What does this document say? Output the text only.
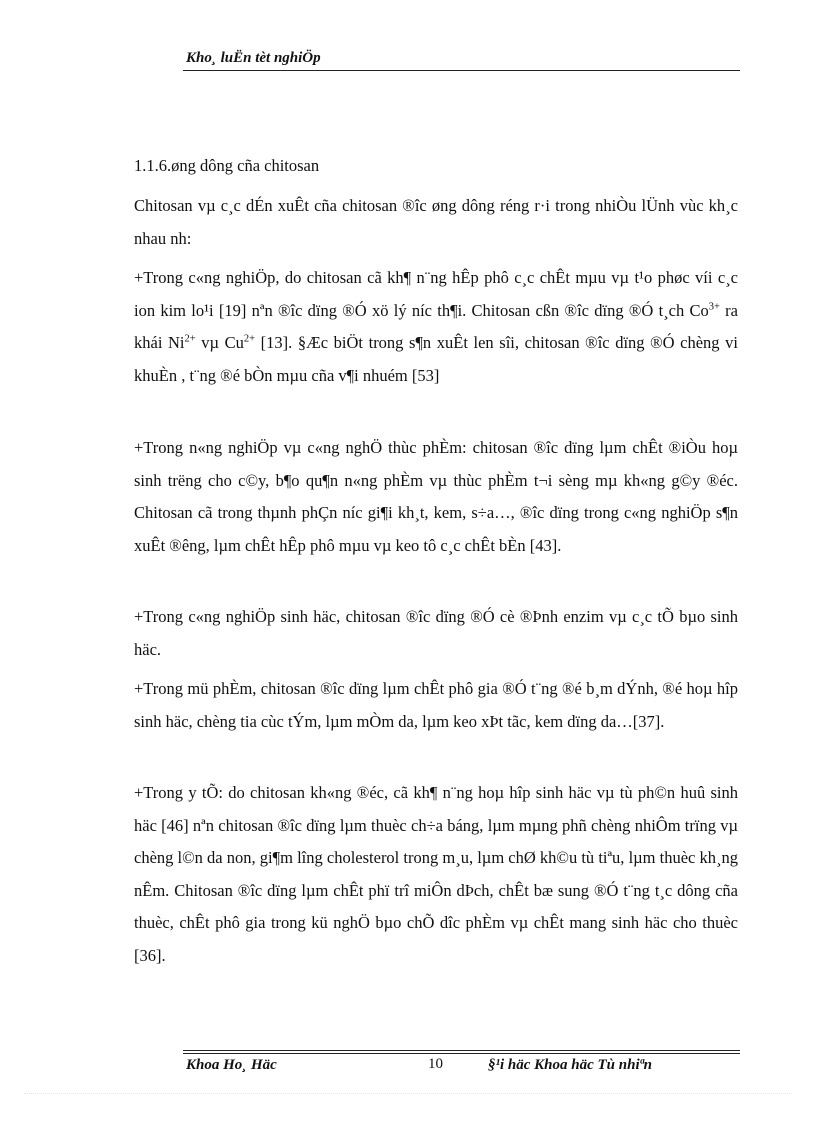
Kho¸ luËn tèt nghiÖp
1.1.6.øng dông cña chitosan
Chitosan vµ c¸c dÉn xuÊt cña chitosan ®îc øng dông réng r·i trong nhiÒu lÜnh vùc kh¸c nhau nh:
+Trong c«ng nghiÖp, do chitosan cã kh¶ n¨ng hÊp phô c¸c chÊt mµu vµ t¹o phøc víi c¸c ion kim lo¹i [19] nªn ®îc dïng ®Ó xö lý níc th¶i. Chitosan cßn ®îc dïng ®Ó t¸ch $Co^{3+}$ ra khái $Ni^{2+}$ vµ $Cu^{2+}$ [13]. §Æc biÖt trong s¶n xuÊt len sîi, chitosan ®îc dïng ®Ó chèng vi khuÈn , t¨ng ®é bÒn mµu cña v¶i nhuém [53]
+Trong n«ng nghiÖp vµ c«ng nghÖ thùc phÈm: chitosan ®îc dïng lµm chÊt ®iÒu hoµ sinh trëng cho c©y, b¶o qu¶n n«ng phÈm vµ thùc phÈm t¬i sèng mµ kh«ng g©y ®éc. Chitosan cã trong thµnh phÇn níc gi¶i kh¸t, kem, s÷a…, ®îc dïng trong c«ng nghiÖp s¶n xuÊt ®êng, lµm chÊt hÊp phô mµu vµ keo tô c¸c chÊt bÈn [43].
+Trong c«ng nghiÖp sinh häc, chitosan ®îc dïng ®Ó cè ®Þnh enzim vµ c¸c tÕ bµo sinh häc.
+Trong mü phÈm, chitosan ®îc dïng lµm chÊt phô gia ®Ó t¨ng ®é b¸m dÝnh, ®é hoµ hîp sinh häc, chèng tia cùc tÝm, lµm mÒm da, lµm keo xÞt tãc, kem dïng da…[37].
+Trong y tÕ: do chitosan kh«ng ®éc, cã kh¶ n¨ng hoµ hîp sinh häc vµ tù ph©n huû sinh häc [46] nªn chitosan ®îc dïng lµm thuèc ch÷a báng, lµm mµng phñ chèng nhiÔm trïng vµ chèng l©n da non, gi¶m lîng cholesterol trong m¸u, lµm chØ kh©u tù tiªu, lµm thuèc kh¸ng nÊm. Chitosan ®îc dïng lµm chÊt phï trî miÔn dÞch, chÊt bæ sung ®Ó t¨ng t¸c dông cña thuèc, chÊt phô gia trong kü nghÖ bµo chÕ dîc phÈm vµ chÊt mang sinh häc cho thuèc [36].
Khoa Ho¸ Häc	10	§¹i häc Khoa häc Tù nhiªn
